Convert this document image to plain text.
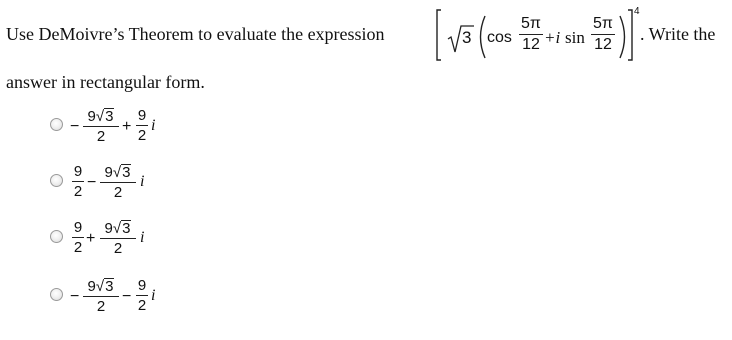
Use DeMoivre’s Theorem to evaluate the expression	3 cos
5π
12 +i sin
5π
12
4
. Write the
answer in rectangular form.
−
9√3
2
+
9
2
i
9
2
−
9√3
2
i
9
2
+
9√3
2
i
−
9√3
2
−
9
2
i
